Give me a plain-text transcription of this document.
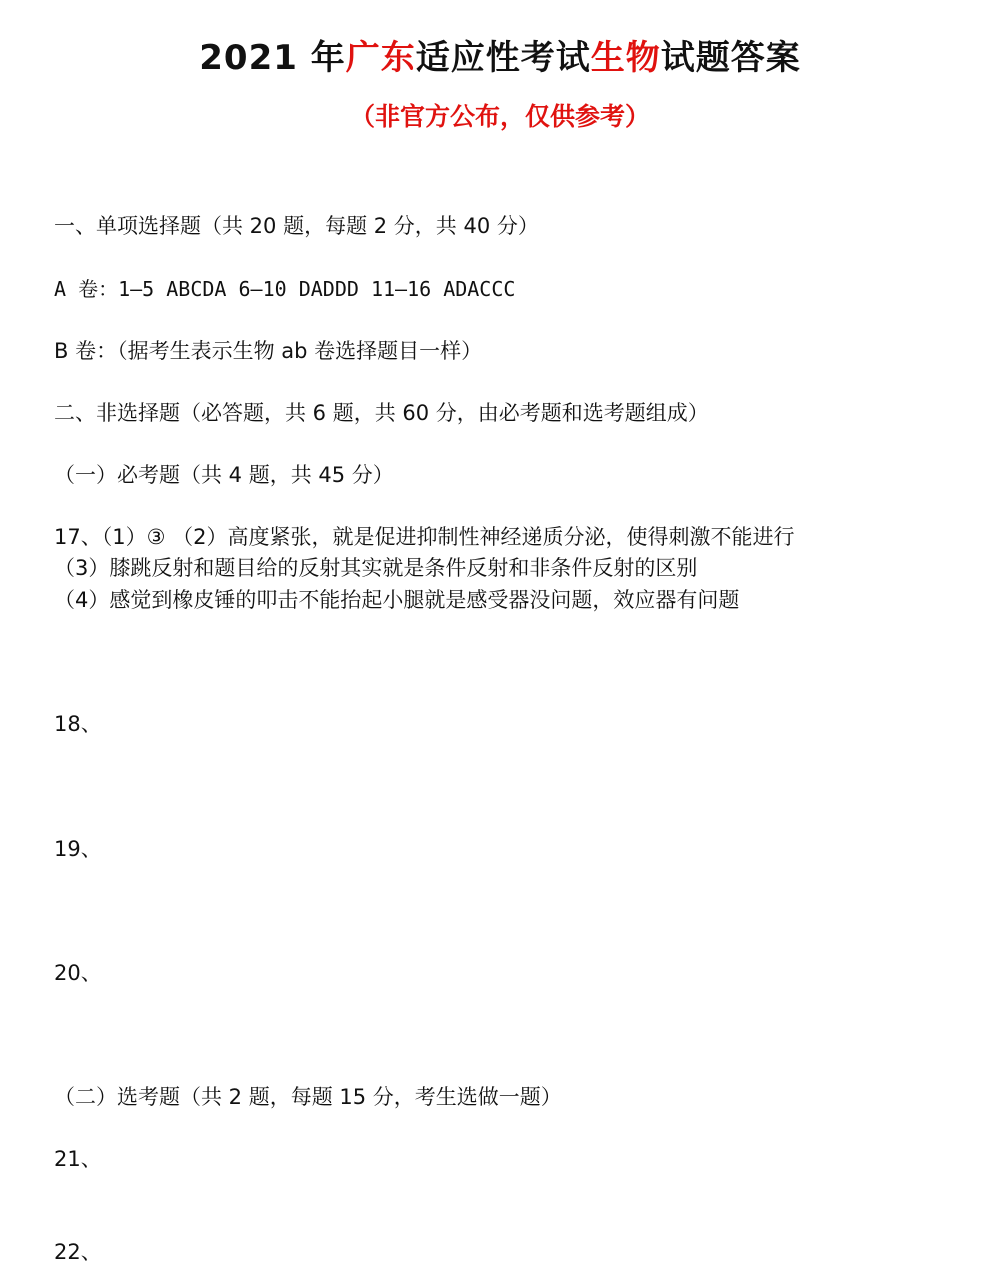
2021 年广东适应性考试生物试题答案
（非官方公布，仅供参考）
一、单项选择题（共 20 题，每题 2 分，共 40 分）
A 卷：1—5 ABCDA 6—10 DADDD 11—16 ADACCC
B 卷：（据考生表示生物 ab 卷选择题目一样）
二、非选择题（必答题，共 6 题，共 60 分，由必考题和选考题组成）
（一）必考题（共 4 题，共 45 分）
17、（1）③ （2）高度紧张，就是促进抑制性神经递质分泌，使得刺激不能进行
（3）膝跳反射和题目给的反射其实就是条件反射和非条件反射的区别
（4）感觉到橡皮锤的叩击不能抬起小腿就是感受器没问题，效应器有问题
18、
19、
20、
（二）选考题（共 2 题，每题 15 分，考生选做一题）
21、
22、
